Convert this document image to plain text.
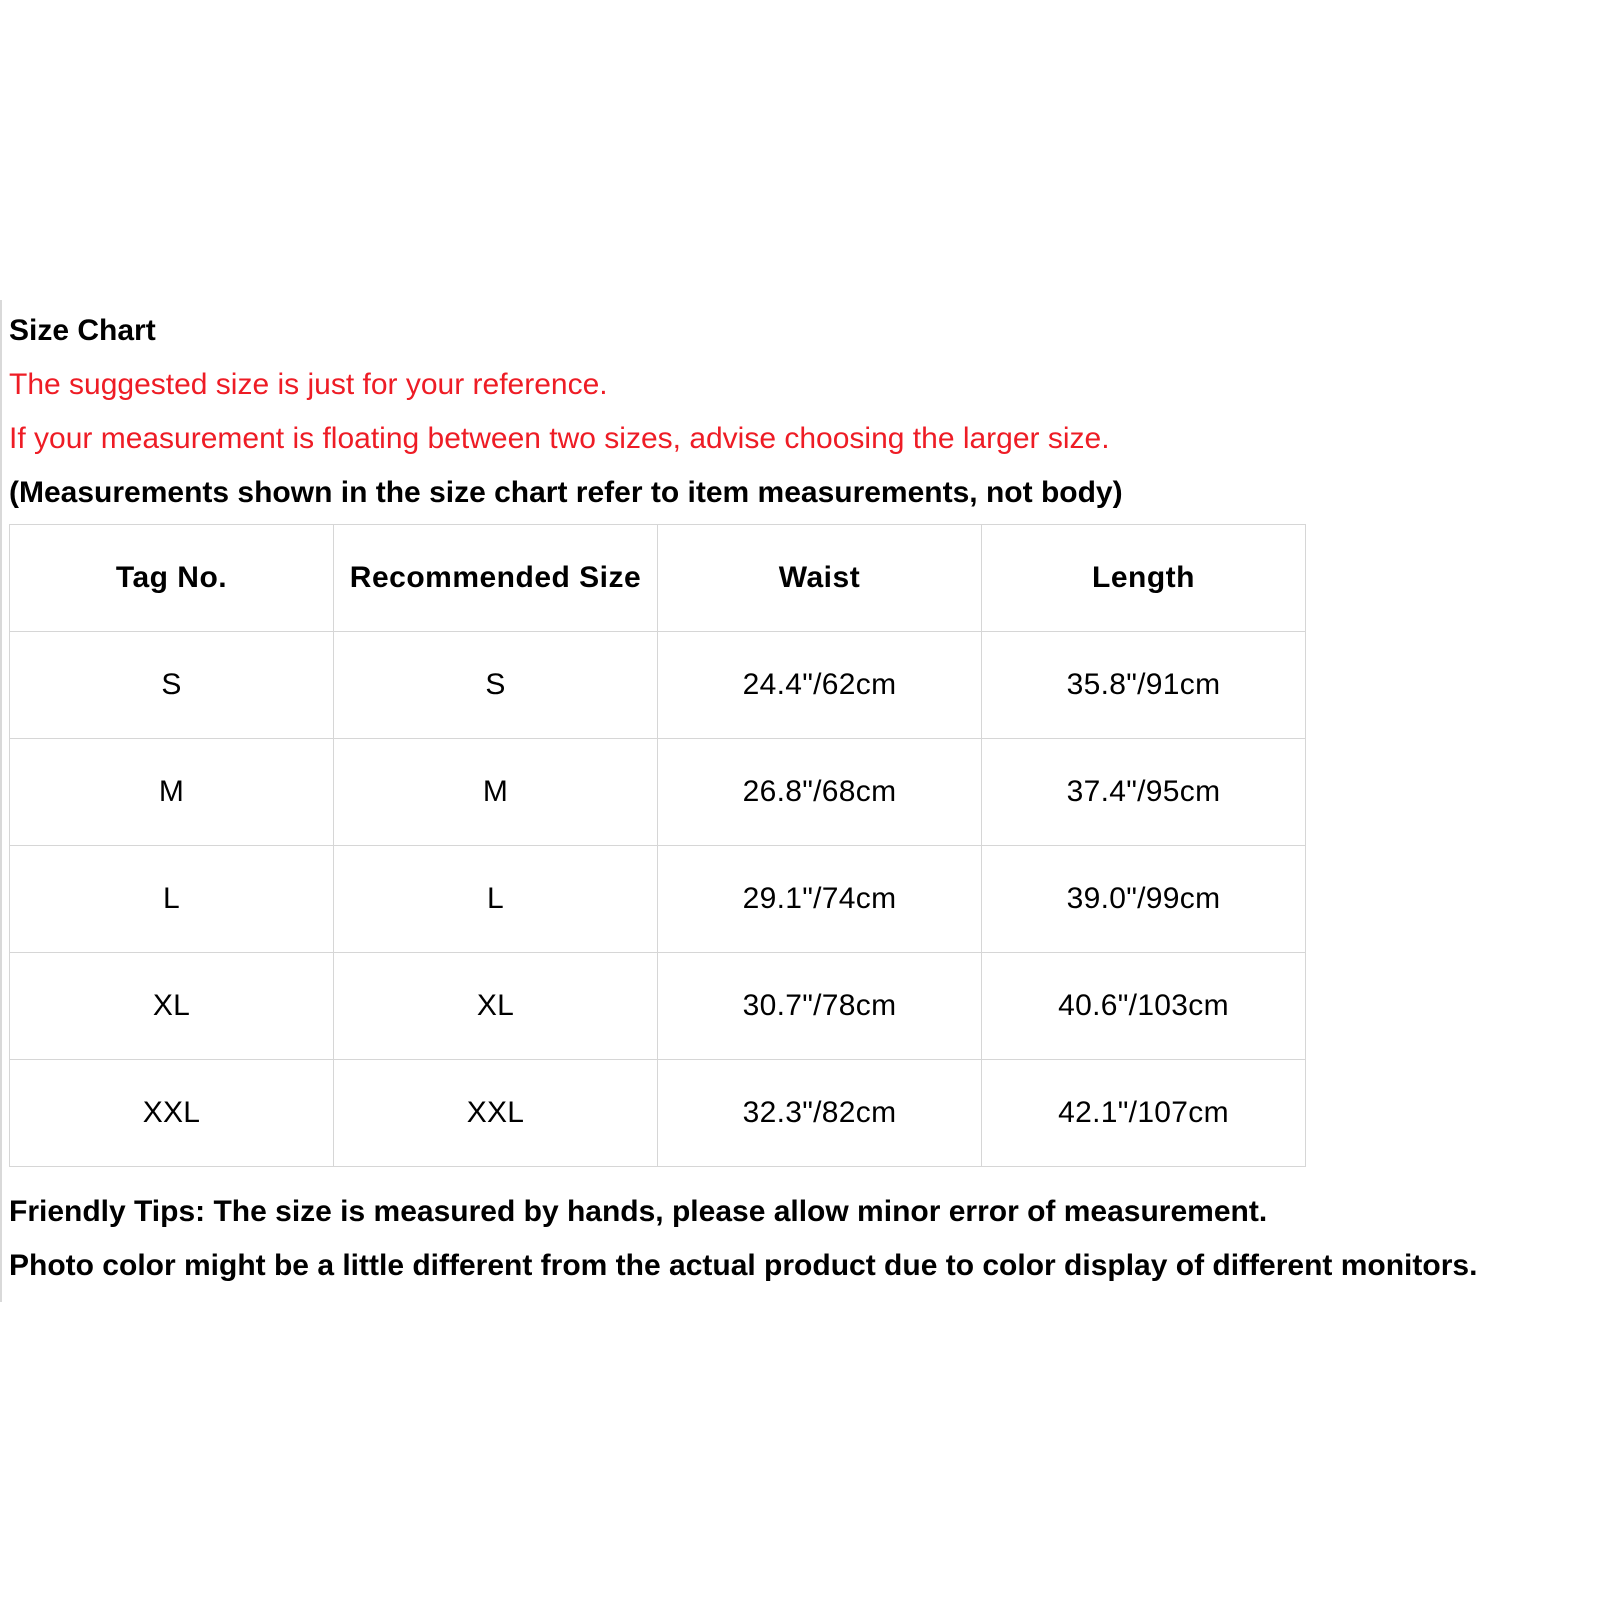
Size Chart
The suggested size is just for your reference.
If your measurement is floating between two sizes, advise choosing the larger size.
(Measurements shown in the size chart refer to item measurements, not body)
Tag No.	Recommended Size	Waist	Length
S	S	24.4"/62cm	35.8"/91cm
M	M	26.8"/68cm	37.4"/95cm
L	L	29.1"/74cm	39.0"/99cm
XL	XL	30.7"/78cm	40.6"/103cm
XXL	XXL	32.3"/82cm	42.1"/107cm
Friendly Tips: The size is measured by hands, please allow minor error of measurement.
Photo color might be a little different from the actual product due to color display of different monitors.
